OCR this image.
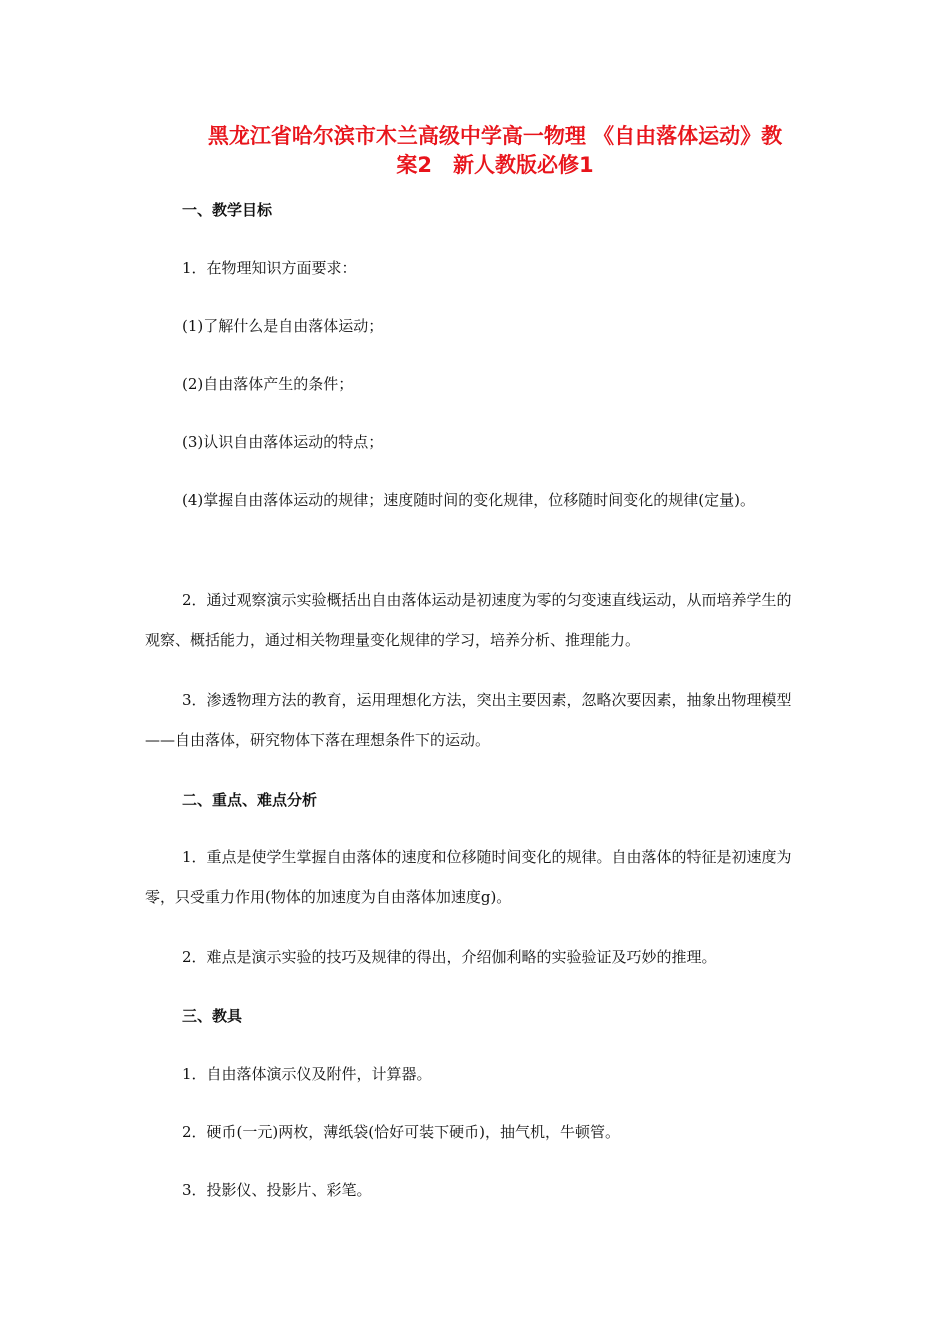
黑龙江省哈尔滨市木兰高级中学高一物理 《自由落体运动》教
案2　新人教版必修1
一、教学目标

1．在物理知识方面要求：

(1)了解什么是自由落体运动；

(2)自由落体产生的条件；

(3)认识自由落体运动的特点；

(4)掌握自由落体运动的规律；速度随时间的变化规律，位移随时间变化的规律(定量)。

2．通过观察演示实验概括出自由落体运动是初速度为零的匀变速直线运动，从而培养学生的观察、概括能力，通过相关物理量变化规律的学习，培养分析、推理能力。

3．渗透物理方法的教育，运用理想化方法，突出主要因素，忽略次要因素，抽象出物理模型——自由落体，研究物体下落在理想条件下的运动。

二、重点、难点分析

1．重点是使学生掌握自由落体的速度和位移随时间变化的规律。自由落体的特征是初速度为零，只受重力作用(物体的加速度为自由落体加速度g)。

2．难点是演示实验的技巧及规律的得出，介绍伽利略的实验验证及巧妙的推理。

三、教具

1．自由落体演示仪及附件，计算器。

2．硬币(一元)两枚，薄纸袋(恰好可装下硬币)，抽气机，牛顿管。

3．投影仪、投影片、彩笔。
